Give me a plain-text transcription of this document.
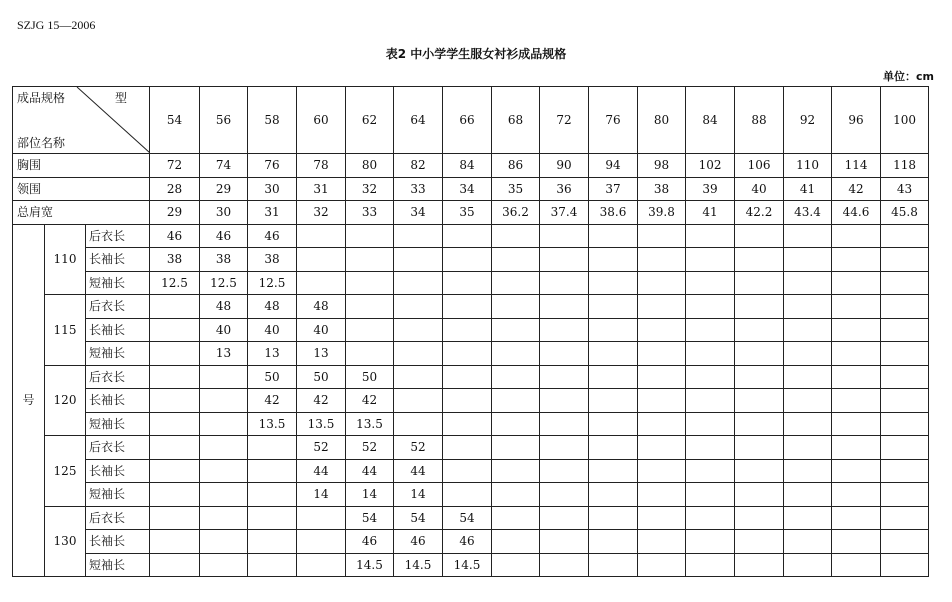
SZJG 15—2006
表2 中小学学生服女衬衫成品规格
单位：cm
成品规格 型
部位名称			54	56	58	60	62	64	66	68	72	76	80	84	88	92	96	100
胸围			72	74	76	78	80	82	84	86	90	94	98	102	106	110	114	118
领围			28	29	30	31	32	33	34	35	36	37	38	39	40	41	42	43
总肩宽			29	30	31	32	33	34	35	36.2	37.4	38.6	39.8	41	42.2	43.4	44.6	45.8
号	110	后衣长	46	46	46													
		长袖长	38	38	38													
		短袖长	12.5	12.5	12.5													
	115	后衣长		48	48	48												
		长袖长		40	40	40												
		短袖长		13	13	13												
	120	后衣长			50	50	50											
		长袖长			42	42	42											
		短袖长			13.5	13.5	13.5											
	125	后衣长				52	52	52										
		长袖长				44	44	44										
		短袖长				14	14	14										
	130	后衣长					54	54	54									
		长袖长					46	46	46									
		短袖长					14.5	14.5	14.5									
